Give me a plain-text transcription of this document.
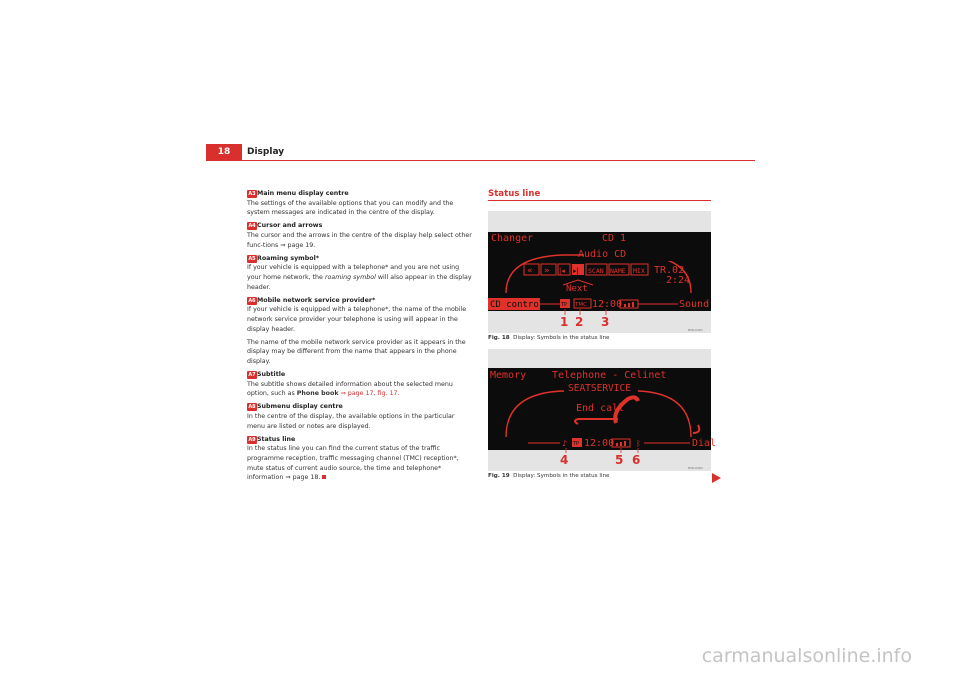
18	Display
A3 Main menu display centre

The settings of the available options that you can modify and the system messages are indicated in the centre of the display.

A4 Cursor and arrows

The cursor and the arrows in the centre of the display help select other func-tions ⇒ page 19.

A5 Roaming symbol*

If your vehicle is equipped with a telephone* and you are not using your home network, the roaming symbol will also appear in the display header.

A6 Mobile network service provider*

If your vehicle is equipped with a telephone*, the name of the mobile network service provider your telephone is using will appear in the display header.

The name of the mobile network service provider as it appears in the display may be different from the name that appears in the phone display.

A7 Subtitle

The subtitle shows detailed information about the selected menu option, such as Phone book ⇒ page 17, fig. 17.

A8 Submenu display centre

In the centre of the display, the available options in the particular menu are listed or notes are displayed.

A9 Status line

In the status line you can find the current status of the traffic programme reception, traffic messaging channel (TMC) reception*, mute status of current audio source, the time and telephone* information ⇒ page 18.

Status line
Changer	CD 1
Audio CD
« » |◂ ▸| SCAN NAME MIX TR.02
2:24
Next
CD control	TP TMC 12:00	Sound
1 2 3
B3R-0483
Fig. 18 Display: Symbols in the status line
Memory	Telephone - Celinet
SEATSERVICE
End call
♪ TP 12:00	ᛒ	Dial
4	5 6
B3R-0484
Fig. 19 Display: Symbols in the status line
carmanualsonline.info
